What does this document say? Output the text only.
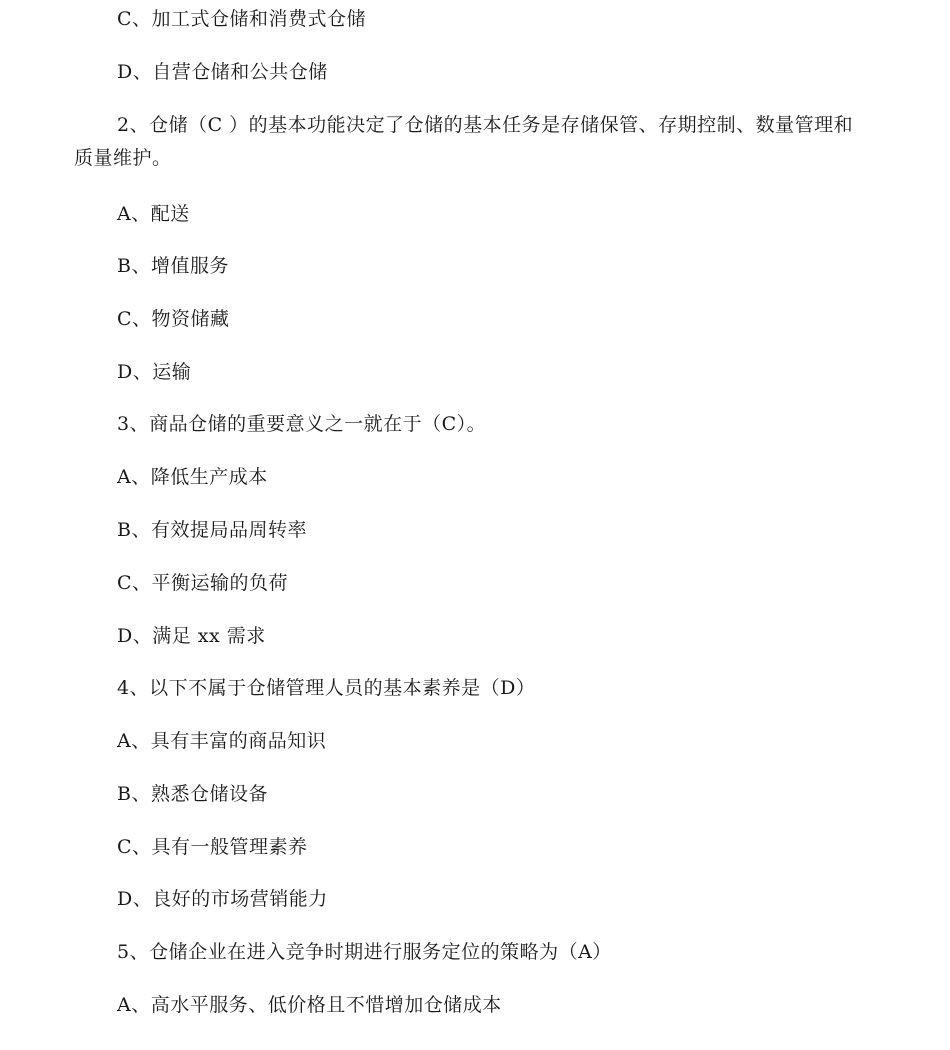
C、加工式仓储和消费式仓储
D、自营仓储和公共仓储
2、仓储（C ）的基本功能决定了仓储的基本任务是存储保管、存期控制、数量管理和质量维护。
A、配送
B、增值服务
C、物资储藏
D、运输
3、商品仓储的重要意义之一就在于（C）。
A、降低生产成本
B、有效提局品周转率
C、平衡运输的负荷
D、满足 xx 需求
4、以下不属于仓储管理人员的基本素养是（D）
A、具有丰富的商品知识
B、熟悉仓储设备
C、具有一般管理素养
D、良好的市场营销能力
5、仓储企业在进入竞争时期进行服务定位的策略为（A）
A、高水平服务、低价格且不惜增加仓储成本
